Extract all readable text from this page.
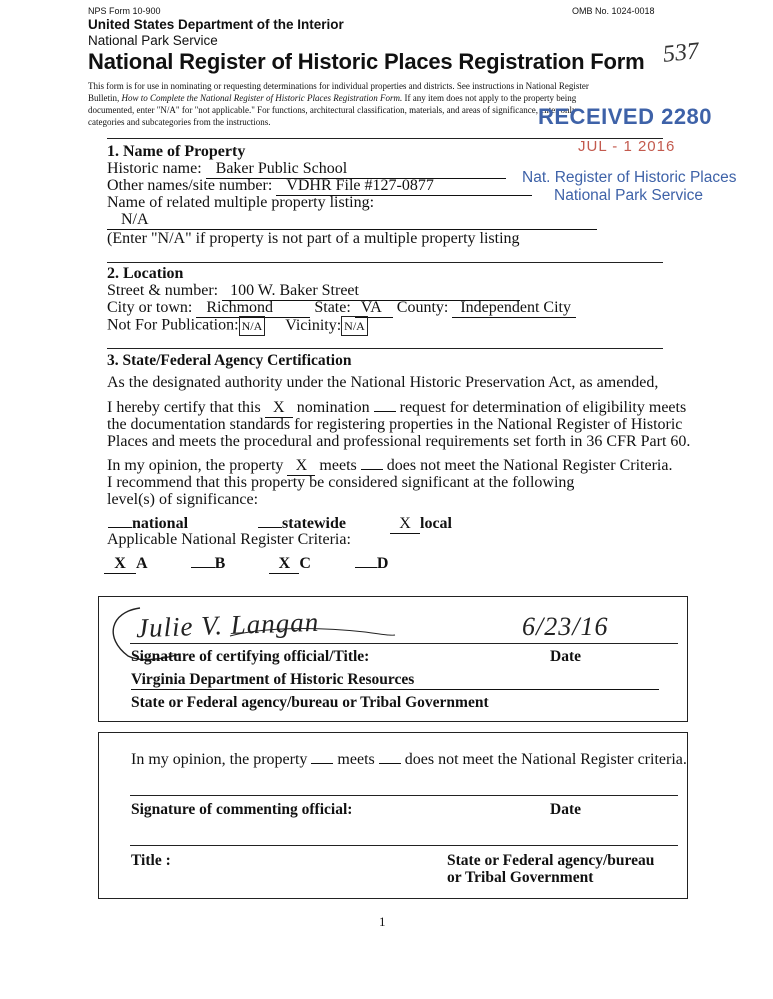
NPS Form 10-900	OMB No. 1024-0018
United States Department of the Interior
National Park Service
National Register of Historic Places Registration Form 537
This form is for use in nominating or requesting determinations for individual properties and districts. See instructions in National Register
Bulletin, How to Complete the National Register of Historic Places Registration Form. If any item does not apply to the property being
documented, enter "N/A" for "not applicable." For functions, architectural classification, materials, and areas of significance, enter only
categories and subcategories from the instructions.	RECEIVED 2280
JUL - 1 2016
Nat. Register of Historic Places
National Park Service
1. Name of Property
Historic name: Baker Public School
Other names/site number: VDHR File #127-0877
Name of related multiple property listing:
N/A
(Enter "N/A" if property is not part of a multiple property listing
2. Location
Street & number: 100 W. Baker Street
City or town: Richmond	State: VA County: Independent City
Not For Publication: N/A Vicinity: N/A
3. State/Federal Agency Certification
As the designated authority under the National Historic Preservation Act, as amended,
I hereby certify that this X nomination request for determination of eligibility meets
the documentation standards for registering properties in the National Register of Historic
Places and meets the procedural and professional requirements set forth in 36 CFR Part 60.
In my opinion, the property X meets does not meet the National Register Criteria.
I recommend that this property be considered significant at the following
level(s) of significance:
national	statewide	X local
Applicable National Register Criteria:
X A	B	X C	D
Julie V. Langan	6/23/16
Signature of certifying official/Title:	Date
Virginia Department of Historic Resources
State or Federal agency/bureau or Tribal Government
In my opinion, the property meets does not meet the National Register criteria.
Signature of commenting official:	Date
Title :	State or Federal agency/bureau
or Tribal Government
1
